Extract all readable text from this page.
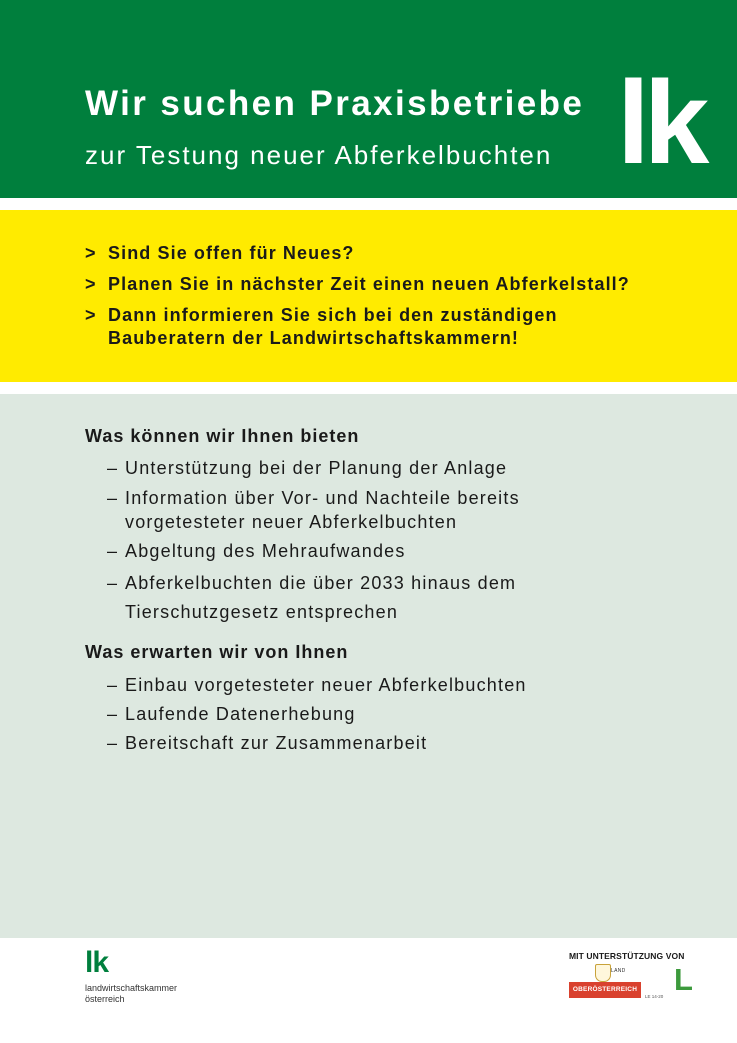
Wir suchen Praxisbetriebe

zur Testung neuer Abferkelbuchten lk
> Sind Sie offen für Neues?
> Planen Sie in nächster Zeit einen neuen Abferkelstall?
> Dann informieren Sie sich bei den zuständigen
Bauberatern der Landwirtschaftskammern!
Was können wir Ihnen bieten
– Unterstützung bei der Planung der Anlage
– Information über Vor- und Nachteile bereits
vorgetesteter neuer Abferkelbuchten
– Abgeltung des Mehraufwandes
– Abferkelbuchten die über 2033 hinaus dem
Tierschutzgesetz entsprechen
Was erwarten wir von Ihnen
– Einbau vorgetesteter neuer Abferkelbuchten
– Laufende Datenerhebung
– Bereitschaft zur Zusammenarbeit
lk
landwirtschaftskammer
österreich
MIT UNTERSTÜTZUNG VON
LAND
OBERÖSTERREICH L
LE 14-20
